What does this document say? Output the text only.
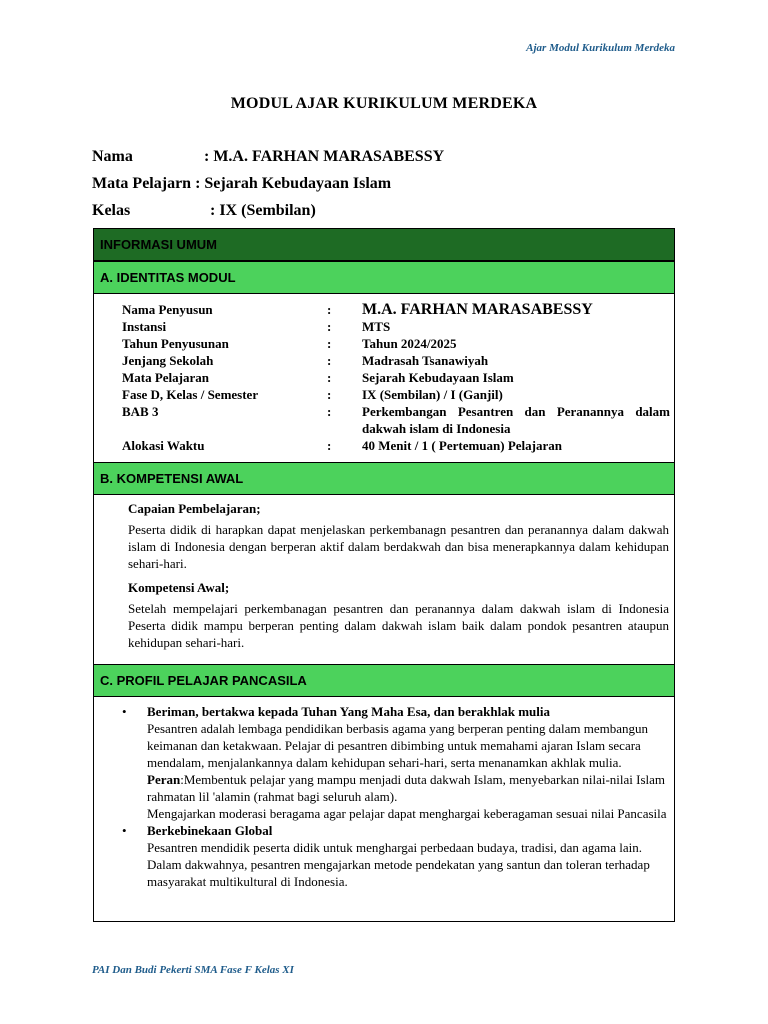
Ajar Modul Kurikulum Merdeka
MODUL AJAR KURIKULUM MERDEKA
Nama	: M.A. FARHAN MARASABESSY
Mata Pelajarn : Sejarah Kebudayaan Islam
Kelas	: IX (Sembilan)
INFORMASI UMUM
A. IDENTITAS MODUL
Nama Penyusun	:	M.A. FARHAN MARASABESSY
Instansi	:	MTS
Tahun Penyusunan	:	Tahun 2024/2025
Jenjang Sekolah	:	Madrasah Tsanawiyah
Mata Pelajaran	:	Sejarah Kebudayaan Islam
Fase D, Kelas / Semester	:	IX (Sembilan) / I (Ganjil)
BAB 3	:	Perkembangan Pesantren dan Peranannya dalam dakwah islam di Indonesia
Alokasi Waktu	:	40 Menit / 1 ( Pertemuan) Pelajaran
B. KOMPETENSI AWAL
Capaian Pembelajaran;

Peserta didik di harapkan dapat menjelaskan perkembanagn pesantren dan peranannya dalam dakwah islam di Indonesia dengan berperan aktif dalam berdakwah dan bisa menerapkannya dalam kehidupan sehari-hari.

Kompetensi Awal;

Setelah mempelajari perkembanagan pesantren dan peranannya dalam dakwah islam di Indonesia Peserta didik mampu berperan penting dalam dakwah islam baik dalam pondok pesantren ataupun kehidupan sehari-hari.

C. PROFIL PELAJAR PANCASILA
• Beriman, bertakwa kepada Tuhan Yang Maha Esa, dan berakhlak mulia

Pesantren adalah lembaga pendidikan berbasis agama yang berperan penting dalam membangun keimanan dan ketakwaan. Pelajar di pesantren dibimbing untuk memahami ajaran Islam secara mendalam, menjalankannya dalam kehidupan sehari-hari, serta menanamkan akhlak mulia.

Peran:Membentuk pelajar yang mampu menjadi duta dakwah Islam, menyebarkan nilai-nilai Islam rahmatan lil 'alamin (rahmat bagi seluruh alam).

Mengajarkan moderasi beragama agar pelajar dapat menghargai keberagaman sesuai nilai Pancasila

• Berkebinekaan Global

Pesantren mendidik peserta didik untuk menghargai perbedaan budaya, tradisi, dan agama lain. Dalam dakwahnya, pesantren mengajarkan metode pendekatan yang santun dan toleran terhadap masyarakat multikultural di Indonesia.

PAI Dan Budi Pekerti SMA Fase F Kelas XI
